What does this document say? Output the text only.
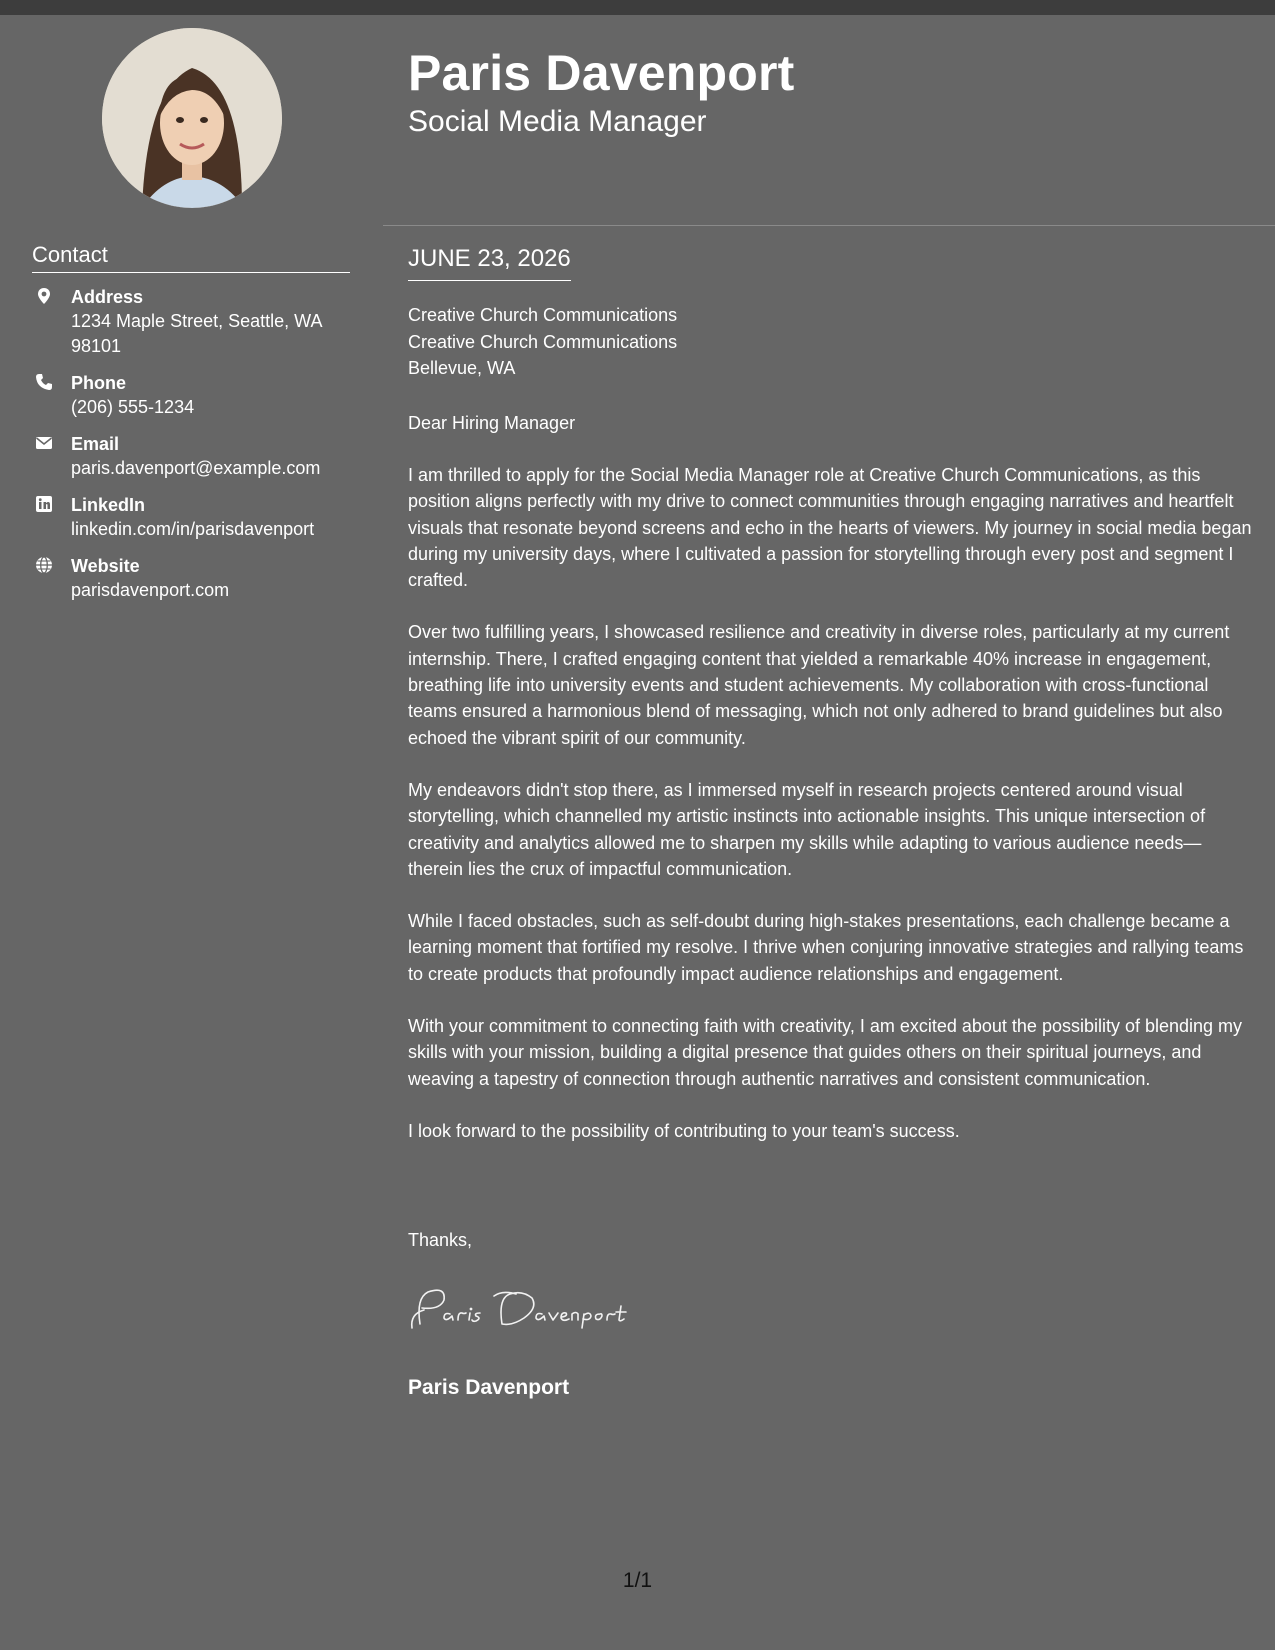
Contact
Address
1234 Maple Street, Seattle, WA 98101
Phone
(206) 555-1234
Email
paris.davenport@example.com
LinkedIn
linkedin.com/in/parisdavenport
Website
parisdavenport.com
Paris Davenport
Social Media Manager
JUNE 23, 2026
Creative Church Communications
Creative Church Communications
Bellevue, WA
Dear Hiring Manager

I am thrilled to apply for the Social Media Manager role at Creative Church Communications, as this position aligns perfectly with my drive to connect communities through engaging narratives and heartfelt visuals that resonate beyond screens and echo in the hearts of viewers. My journey in social media began during my university days, where I cultivated a passion for storytelling through every post and segment I crafted.

Over two fulfilling years, I showcased resilience and creativity in diverse roles, particularly at my current internship. There, I crafted engaging content that yielded a remarkable 40% increase in engagement, breathing life into university events and student achievements. My collaboration with cross-functional teams ensured a harmonious blend of messaging, which not only adhered to brand guidelines but also echoed the vibrant spirit of our community.

My endeavors didn't stop there, as I immersed myself in research projects centered around visual storytelling, which channelled my artistic instincts into actionable insights. This unique intersection of creativity and analytics allowed me to sharpen my skills while adapting to various audience needs—therein lies the crux of impactful communication.

While I faced obstacles, such as self-doubt during high-stakes presentations, each challenge became a learning moment that fortified my resolve. I thrive when conjuring innovative strategies and rallying teams to create products that profoundly impact audience relationships and engagement.

With your commitment to connecting faith with creativity, I am excited about the possibility of blending my skills with your mission, building a digital presence that guides others on their spiritual journeys, and weaving a tapestry of connection through authentic narratives and consistent communication.

I look forward to the possibility of contributing to your team's success.

Thanks,
Paris Davenport
1/1
